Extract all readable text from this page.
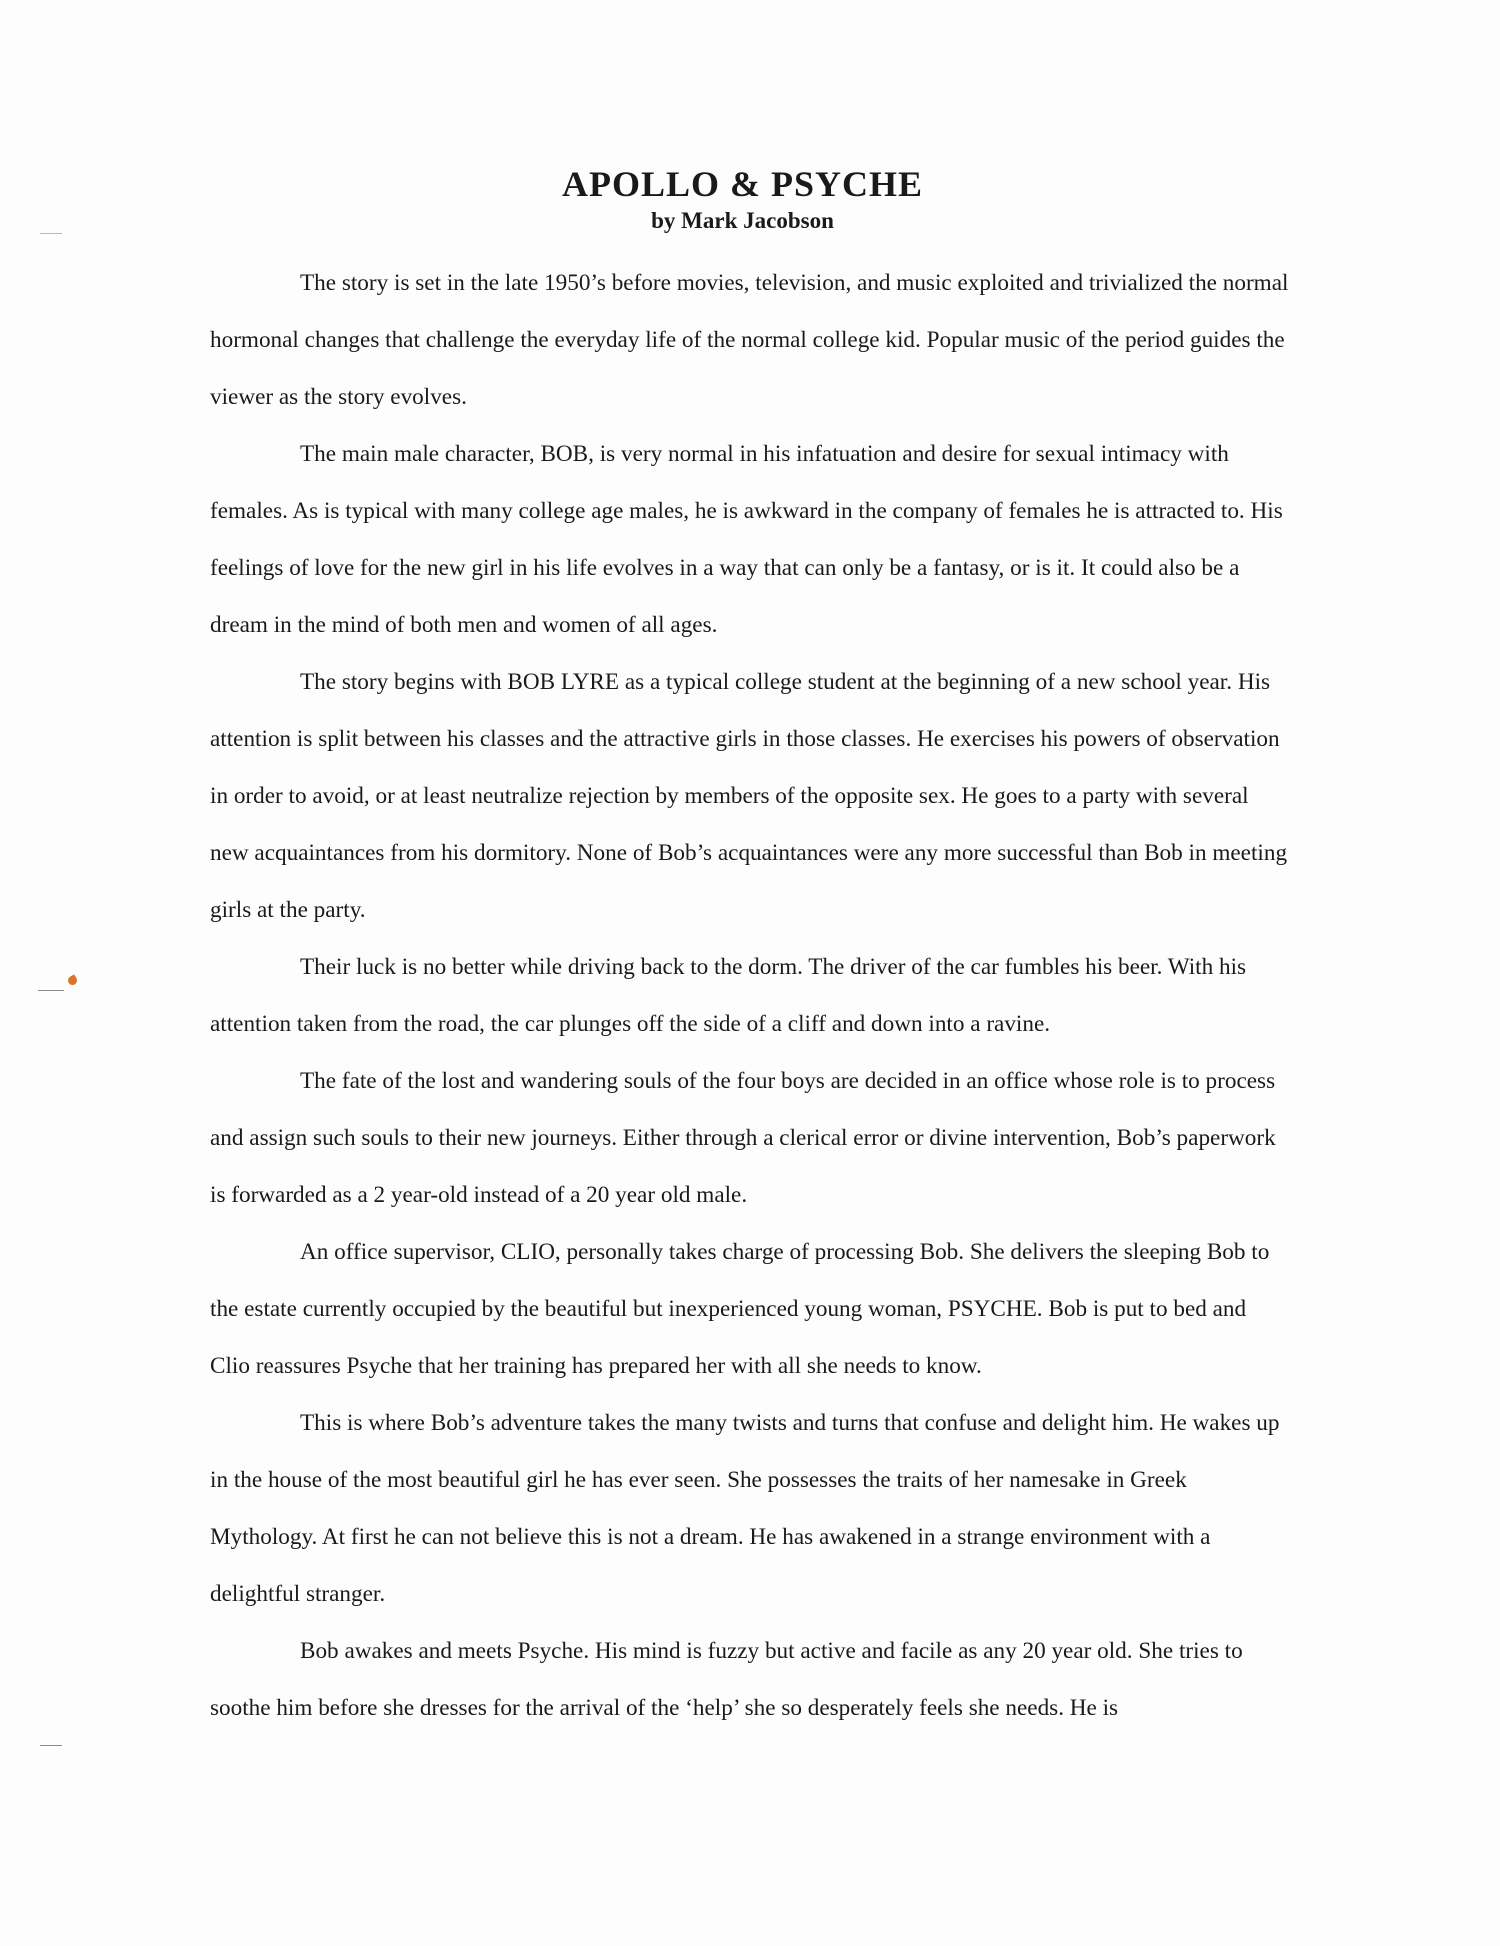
APOLLO & PSYCHE

by Mark Jacobson

The story is set in the late 1950’s before movies, television, and music exploited and trivialized the normal hormonal changes that challenge the everyday life of the normal college kid. Popular music of the period guides the viewer as the story evolves.

The main male character, BOB, is very normal in his infatuation and desire for sexual intimacy with females. As is typical with many college age males, he is awkward in the company of females he is attracted to. His feelings of love for the new girl in his life evolves in a way that can only be a fantasy, or is it. It could also be a dream in the mind of both men and women of all ages.

The story begins with BOB LYRE as a typical college student at the beginning of a new school year. His attention is split between his classes and the attractive girls in those classes. He exercises his powers of observation in order to avoid, or at least neutralize rejection by members of the opposite sex. He goes to a party with several new acquaintances from his dormitory. None of Bob’s acquaintances were any more successful than Bob in meeting girls at the party.

Their luck is no better while driving back to the dorm. The driver of the car fumbles his beer. With his attention taken from the road, the car plunges off the side of a cliff and down into a ravine.

The fate of the lost and wandering souls of the four boys are decided in an office whose role is to process and assign such souls to their new journeys. Either through a clerical error or divine intervention, Bob’s paperwork is forwarded as a 2 year-old instead of a 20 year old male.

An office supervisor, CLIO, personally takes charge of processing Bob. She delivers the sleeping Bob to the estate currently occupied by the beautiful but inexperienced young woman, PSYCHE. Bob is put to bed and Clio reassures Psyche that her training has prepared her with all she needs to know.

This is where Bob’s adventure takes the many twists and turns that confuse and delight him. He wakes up in the house of the most beautiful girl he has ever seen. She possesses the traits of her namesake in Greek Mythology. At first he can not believe this is not a dream. He has awakened in a strange environment with a delightful stranger.

Bob awakes and meets Psyche. His mind is fuzzy but active and facile as any 20 year old. She tries to soothe him before she dresses for the arrival of the ‘help’ she so desperately feels she needs. He is
